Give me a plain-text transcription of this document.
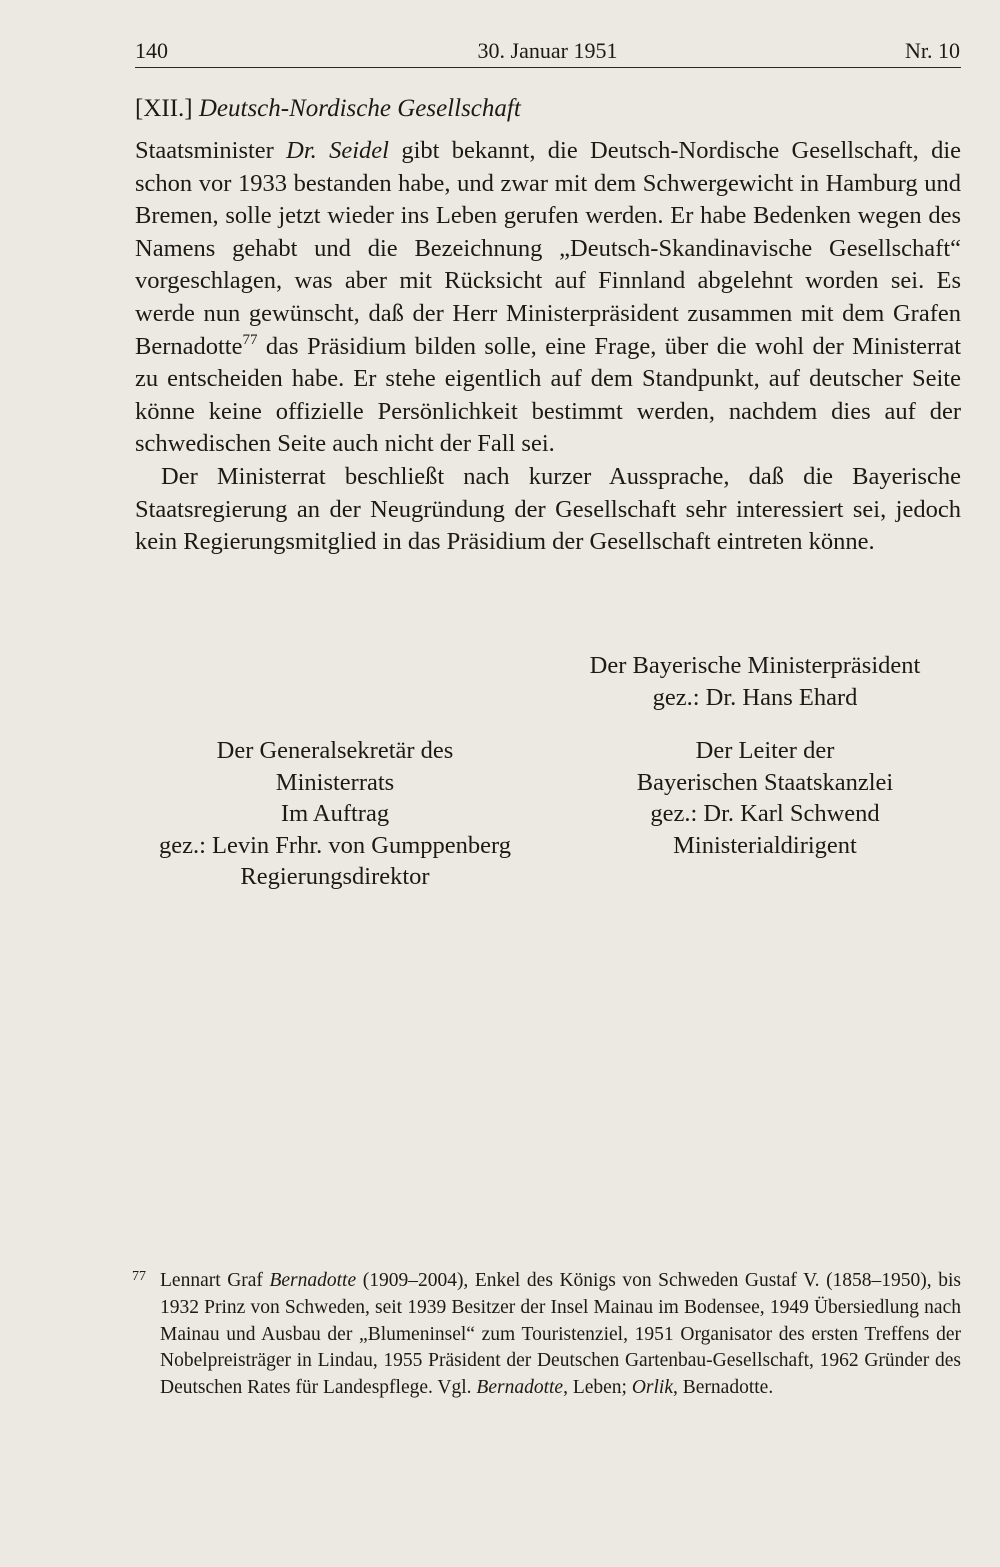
140	30. Januar 1951	Nr. 10
[XII.] Deutsch-Nordische Gesellschaft

Staatsminister Dr. Seidel gibt bekannt, die Deutsch-Nordische Gesellschaft, die schon vor 1933 bestanden habe, und zwar mit dem Schwergewicht in Hamburg und Bremen, solle jetzt wieder ins Leben gerufen werden. Er habe Bedenken wegen des Namens gehabt und die Bezeichnung „Deutsch-Skandinavische Gesellschaft“ vorgeschlagen, was aber mit Rücksicht auf Finnland abgelehnt worden sei. Es werde nun gewünscht, daß der Herr Ministerpräsident zusammen mit dem Grafen Bernadotte$^{77}$ das Präsidium bilden solle, eine Frage, über die wohl der Ministerrat zu entscheiden habe. Er stehe eigentlich auf dem Standpunkt, auf deutscher Seite könne keine offizielle Persönlichkeit bestimmt werden, nachdem dies auf der schwedischen Seite auch nicht der Fall sei.

Der Ministerrat beschließt nach kurzer Aussprache, daß die Bayerische Staatsregierung an der Neugründung der Gesellschaft sehr interessiert sei, jedoch kein Regierungsmitglied in das Präsidium der Gesellschaft eintreten könne.

Der Bayerische Ministerpräsident
gez.: Dr. Hans Ehard
Der Generalsekretär des
Ministerrats
Im Auftrag
gez.: Levin Frhr. von Gumppenberg
Regierungsdirektor
Der Leiter der
Bayerischen Staatskanzlei
gez.: Dr. Karl Schwend
Ministerialdirigent

77 Lennart Graf Bernadotte (1909–2004), Enkel des Königs von Schweden Gustaf V. (1858–1950), bis 1932 Prinz von Schweden, seit 1939 Besitzer der Insel Mainau im Bodensee, 1949 Übersiedlung nach Mainau und Ausbau der „Blumeninsel“ zum Touristenziel, 1951 Organisator des ersten Treffens der Nobelpreisträger in Lindau, 1955 Präsident der Deutschen Gartenbau-Gesellschaft, 1962 Gründer des Deutschen Rates für Landespflege. Vgl. Bernadotte, Leben; Orlik, Bernadotte.
